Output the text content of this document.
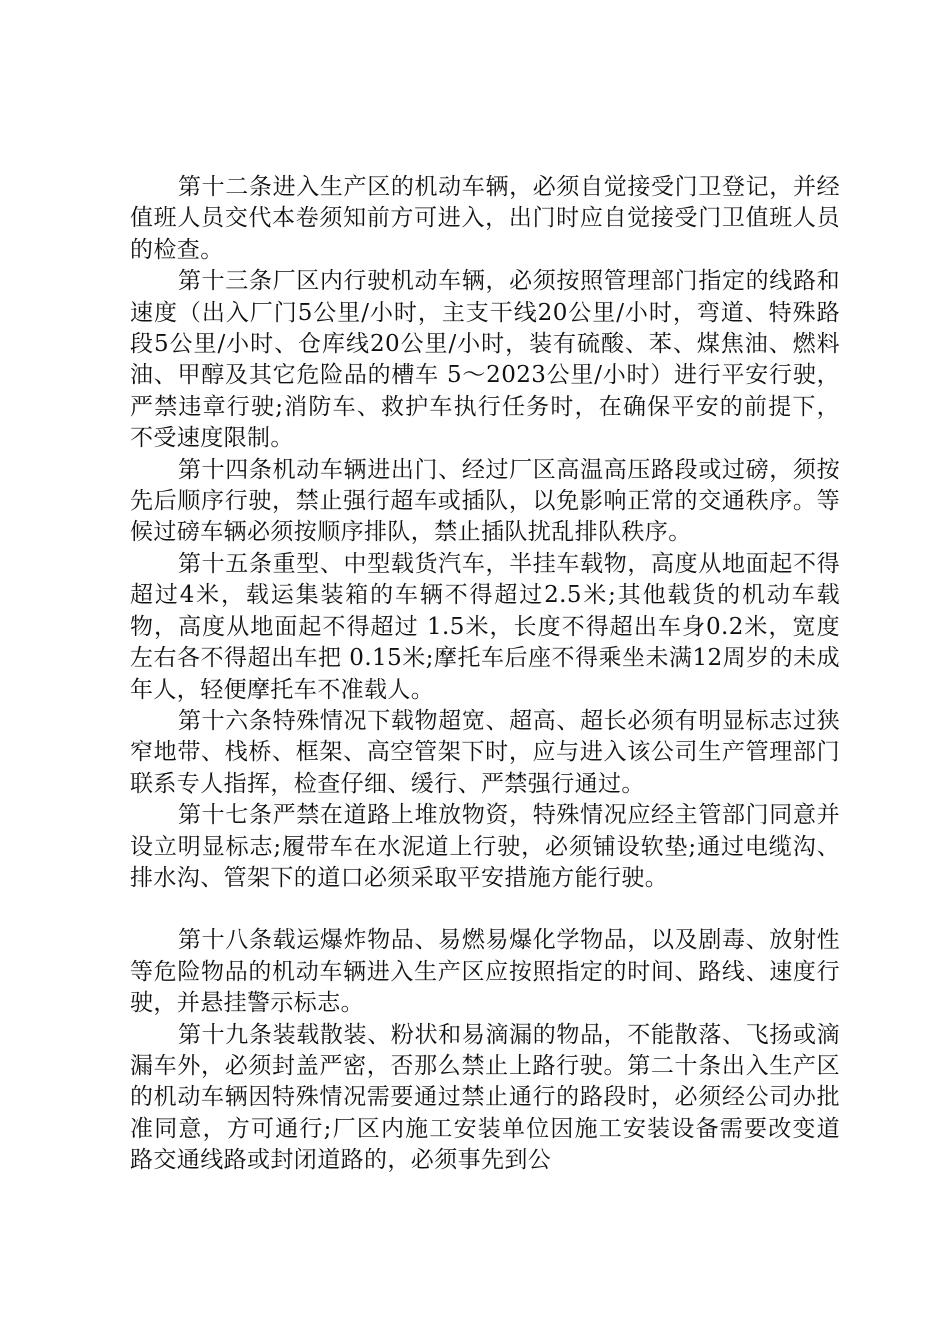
第十二条进入生产区的机动车辆，必须自觉接受门卫登记，并经值班人员交代本卷须知前方可进入，出门时应自觉接受门卫值班人员的检查。

第十三条厂区内行驶机动车辆，必须按照管理部门指定的线路和速度（出入厂门5公里/小时，主支干线20公里/小时，弯道、特殊路段5公里/小时、仓库线20公里/小时，装有硫酸、苯、煤焦油、燃料油、甲醇及其它危险品的槽车 5～2023公里/小时）进行平安行驶，严禁违章行驶;消防车、救护车执行任务时，在确保平安的前提下，不受速度限制。

第十四条机动车辆进出门、经过厂区高温高压路段或过磅，须按先后顺序行驶，禁止强行超车或插队，以免影响正常的交通秩序。等候过磅车辆必须按顺序排队，禁止插队扰乱排队秩序。

第十五条重型、中型载货汽车，半挂车载物，高度从地面起不得超过4米，载运集装箱的车辆不得超过2.5米;其他载货的机动车载物，高度从地面起不得超过 1.5米，长度不得超出车身0.2米，宽度左右各不得超出车把 0.15米;摩托车后座不得乘坐未满12周岁的未成年人，轻便摩托车不准载人。

第十六条特殊情况下载物超宽、超高、超长必须有明显标志过狭窄地带、栈桥、框架、高空管架下时，应与进入该公司生产管理部门联系专人指挥，检查仔细、缓行、严禁强行通过。

第十七条严禁在道路上堆放物资，特殊情况应经主管部门同意并设立明显标志;履带车在水泥道上行驶，必须铺设软垫;通过电缆沟、排水沟、管架下的道口必须采取平安措施方能行驶。

第十八条载运爆炸物品、易燃易爆化学物品，以及剧毒、放射性等危险物品的机动车辆进入生产区应按照指定的时间、路线、速度行驶，并悬挂警示标志。

第十九条装载散装、粉状和易滴漏的物品，不能散落、飞扬或滴漏车外，必须封盖严密，否那么禁止上路行驶。第二十条出入生产区的机动车辆因特殊情况需要通过禁止通行的路段时，必须经公司办批准同意，方可通行;厂区内施工安装单位因施工安装设备需要改变道路交通线路或封闭道路的，必须事先到公
